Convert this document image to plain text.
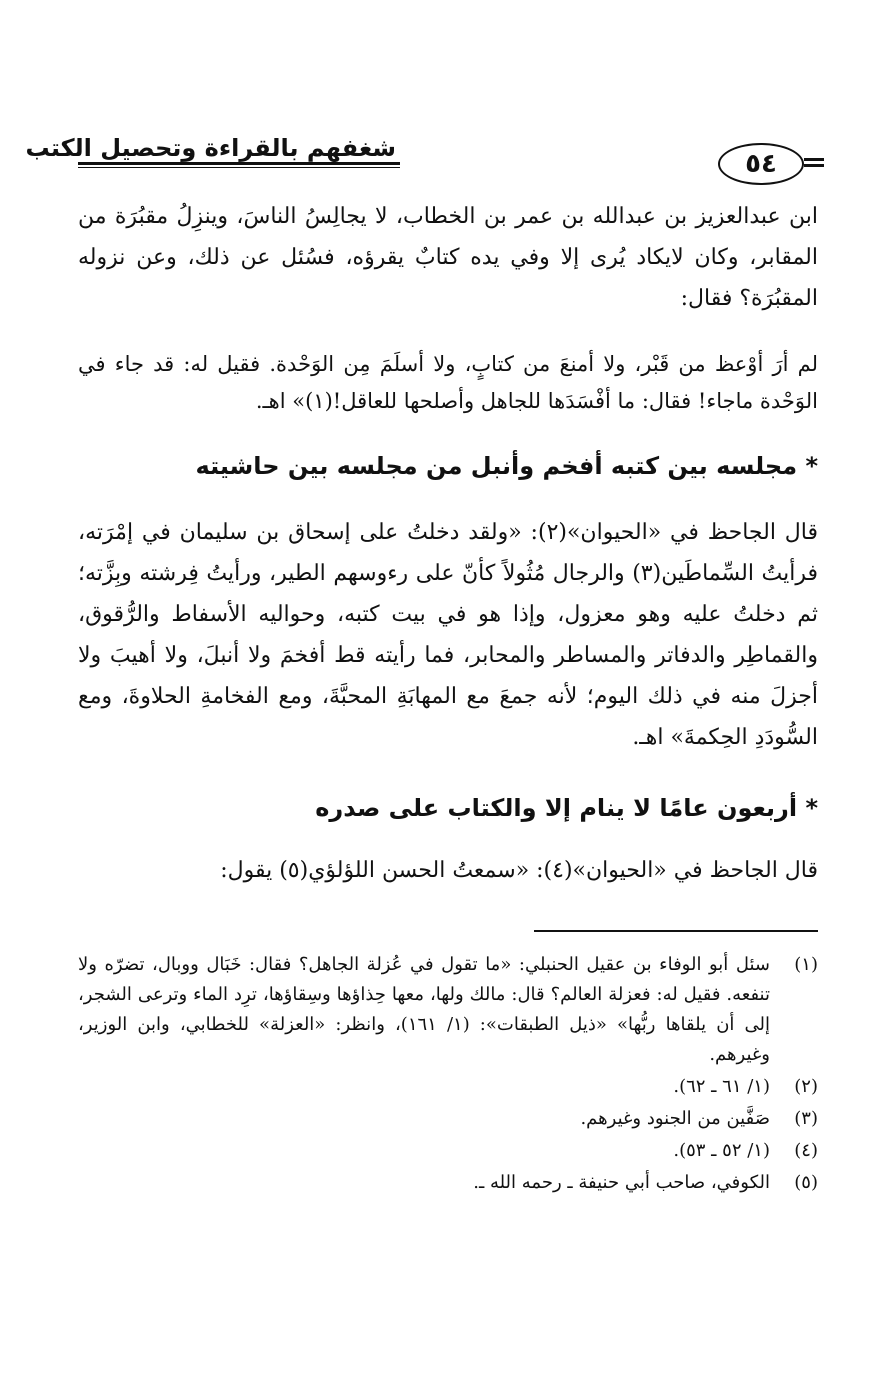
شغفهم بالقراءة وتحصيل الكتب
٥٤

ابن عبدالعزيز بن عبدالله بن عمر بن الخطاب، لا يجالِسُ الناسَ، وينزِلُ مقبُرَة من المقابر، وكان لايكاد يُرى إلا وفي يده كتابٌ يقرؤه، فسُئل عن ذلك، وعن نزوله المقبُرَة؟ فقال:

لم أرَ أوْعظ من قَبْر، ولا أمنعَ من كتابٍ، ولا أسلَمَ مِن الوَحْدة. فقيل له: قد جاء في الوَحْدة ماجاء! فقال: ما أفْسَدَها للجاهل وأصلحها للعاقل!(١)» اهـ.

* مجلسه بين كتبه أفخم وأنبل من مجلسه بين حاشيته

قال الجاحظ في «الحيوان»(٢): «ولقد دخلتُ على إسحاق بن سليمان في إمْرَته، فرأيتُ السِّماطَين(٣) والرجال مُثُولاً كأنّ على رءوسهم الطير، ورأيتُ فِرشته وبِزَّته؛ ثم دخلتُ عليه وهو معزول، وإذا هو في بيت كتبه، وحواليه الأسفاط والرُّقوق، والقماطِر والدفاتر والمساطر والمحابر، فما رأيته قط أفخمَ ولا أنبلَ، ولا أهيبَ ولا أجزلَ منه في ذلك اليوم؛ لأنه جمعَ مع المهابَةِ المحبَّةَ، ومع الفخامةِ الحلاوةَ، ومع السُّودَدِ الحِكمةَ» اهـ.

* أربعون عامًا لا ينام إلا والكتاب على صدره

قال الجاحظ في «الحيوان»(٤): «سمعتُ الحسن اللؤلؤي(٥) يقول:

(١)
سئل أبو الوفاء بن عقيل الحنبلي: «ما تقول في عُزلة الجاهل؟ فقال: خَبَال ووبال، تضرّه ولا تنفعه. فقيل له: فعزلة العالم؟ قال: مالك ولها، معها حِذاؤها وسِقاؤها، ترِد الماء وترعى الشجر، إلى أن يلقاها ربُّها» «ذيل الطبقات»: (١/ ١٦١)، وانظر: «العزلة» للخطابي، وابن الوزير، وغيرهم.
(٢)
(١/ ٦١ ـ ٦٢).
(٣)
صَفَّين من الجنود وغيرهم.
(٤)
(١/ ٥٢ ـ ٥٣).
(٥)
الكوفي، صاحب أبي حنيفة ـ رحمه الله ـ.
